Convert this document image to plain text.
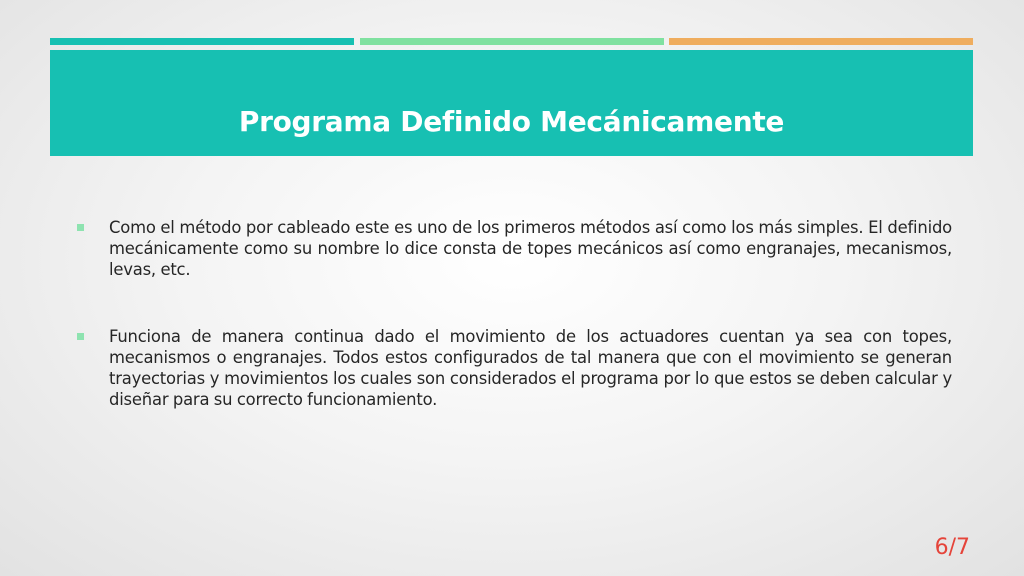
Programa Definido Mecánicamente
Como el método por cableado este es uno de los primeros métodos así como los más simples. El definido mecánicamente como su nombre lo dice consta de topes mecánicos así como engranajes, mecanismos, levas, etc.
Funciona de manera continua dado el movimiento de los actuadores cuentan ya sea con topes, mecanismos o engranajes. Todos estos configurados de tal manera que con el movimiento se generan trayectorias y movimientos los cuales son considerados el programa por lo que estos se deben calcular y diseñar para su correcto funcionamiento.
6/7
